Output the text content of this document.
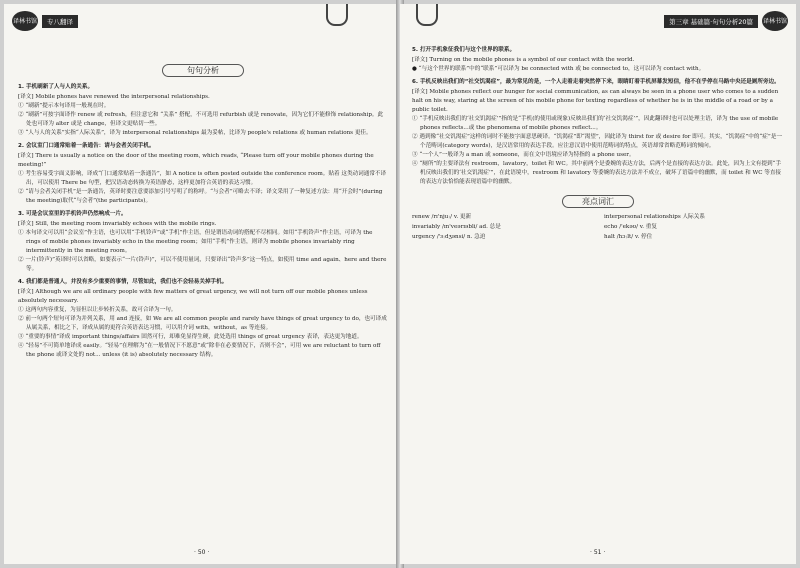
译林书馆	专八翻译
句句分析
1. 手机刷新了人与人的关系。
[译文] Mobile phones have renewed the interpersonal relationships.
① “刷新”提示本句译用一般现在时。
② “刷新”可按字面译作 renew 或 refresh，但注意它和 “关系” 搭配，不可选用 refurbish 或是 renovate，因为它们不能修饰 relationship。此处也可译为 alter 或是 change，但译文更贴切一些。
③ “人与人的关系”实指“人际关系”，译为 interpersonal relationships 最为妥帖，比译为 people's relations 或 human relations 更佳。
2. 会议室门口通常贴着一条通告：请与会者关闭手机。
[译文] There is usually a notice on the door of the meeting room, which reads, “Please turn off your mobile phones during the meeting!”
① 考生容易受字面义影响，译成“门口通常贴着一条通告”，如 A notice is often posted outside the conference room。貼着 这类动词通常不译出，可以使用 There be 句型，把汉语动态转换为英语静态，这样更加符合英语的表达习惯。
② “请与会者关闭手机”是一条通告，英译时要注意要添加引号写明了的称呼。“与会者”可略去不译；译文采用了一种复述方法：用“开会时”(during the meeting)取代“与会者”(the participants)。
3. 可是会议室里的手机铃声仍然响成一片。
[译文] Still, the meeting room invariably echoes with the mobile rings.
① 本句译文可以用“会议室”作主语，也可以用“手机铃声”或“手机”作主语，但是谓语动词的搭配不尽相同。如用“手机铃声”作主语，可译为 the rings of mobile phones invariably echo in the meeting room；如用“手机”作主语，则译为 mobile phones invariably ring intermittently in the meeting room。
② 一片(铃声)”英译时可以省略，如要表示“一片(铃声)”，可以不使用量词，只要译出“铃声多”这一特点，如使用 time and again、here and there 等。
4. 我们都是普通人，并没有多少重要的事情，尽管如此，我们也不会轻易关掉手机。
[译文] Although we are all ordinary people with few matters of great urgency, we will not turn off our mobile phones unless absolutely necessary.
① 这两句内容重复，为显但以让步转折关系，故可合译为一句。
② 前一句两个短句可译为并列关系，用 and 连接，如 We are all common people and rarely have things of great urgency to do，也可译成从属关系，相比之下，译成从属的更符合英语表达习惯，可以用介词 with，without，as 等连接。
③ “重要的事情”译成 important things/affairs 固然可行，却难免显得生硬，此处选用 things of great urgency 表译，表达更为地道。
④ “轻易”不可简单地译成 easily。“轻易”在理解为“在一般情况下不愿意”或“除非在必要情况下，否则不会”，可用 we are reluctant to turn off the phone 或译文处的 not... unless (it is) absolutely necessary 结构。
· 50 ·
第三章 基础篇·句句分析20篇	译林书馆
5. 打开手机象征我们与这个世界的联系。
[译文] Turning on the mobile phones is a symbol of our contact with the world.
● “与这个世界的联系”中的“联系”可以译为 be connected with 或 be connected to，这可以译为 contact with。
6. 手机反映出我们的“社交饥渴症”，最为常见的是，一个人走着走着突然停下来，眼睛盯着手机屏幕发短信，他不在乎停在马路中央还是厕所旁边。
[译文] Mobile phones reflect our hunger for social communication, as can always be seen in a phone user who comes to a sudden halt on his way, staring at the screen of his mobile phone for texting regardless of whether he is in the middle of a road or by a public toilet.
① “手机反映出我们的‘社交饥渴症’”指的是“手机(的使用或现象)反映出我们的‘社交饥渴症’”，因此翻译时也可以处理主语，译为 the use of mobile phones reflects...或 the phenomena of mobile phones reflect...。
② 遇到像“社交饥渴症”这样的词时不能按字面意思硬译。“饥渴症”即“渴望”，因此译为 thirst for 或 desire for 即可。其实，“饥渴症”中的“症”是一个范畴词(category words)，是汉语常用的表达手段。应注意汉语中使用范畴词的特点，英语却常省略范畴词的倾向。
③ “一个人”一般译为 a man 或 someone，而在文中语境应译为特指的 a phone user。
④ “厕所”的主要译法有 restroom，lavatory，toilet 和 WC。其中前两个是委婉的表达方法，后两个是直接的表达方法。此处，因为上文有提到“手机反映出我们的‘社交饥渴症’”，在此语境中，restroom 和 lavatory 等委婉的表达方法并不成立，破坏了语篇中的幽默，而 toilet 和 WC 等直接的表达方法恰恰能表现语篇中的幽默。
亮点词汇
renew /rɪ'njuː/ v. 更新	interpersonal relationships 人际关系
invariably /ɪn'veərɪəbli/ ad. 总是	echo /'ekəʊ/ v. 重复
urgency /'ɜːdʒənsi/ n. 急迫	halt /hɔːlt/ v. 停住
· 51 ·
